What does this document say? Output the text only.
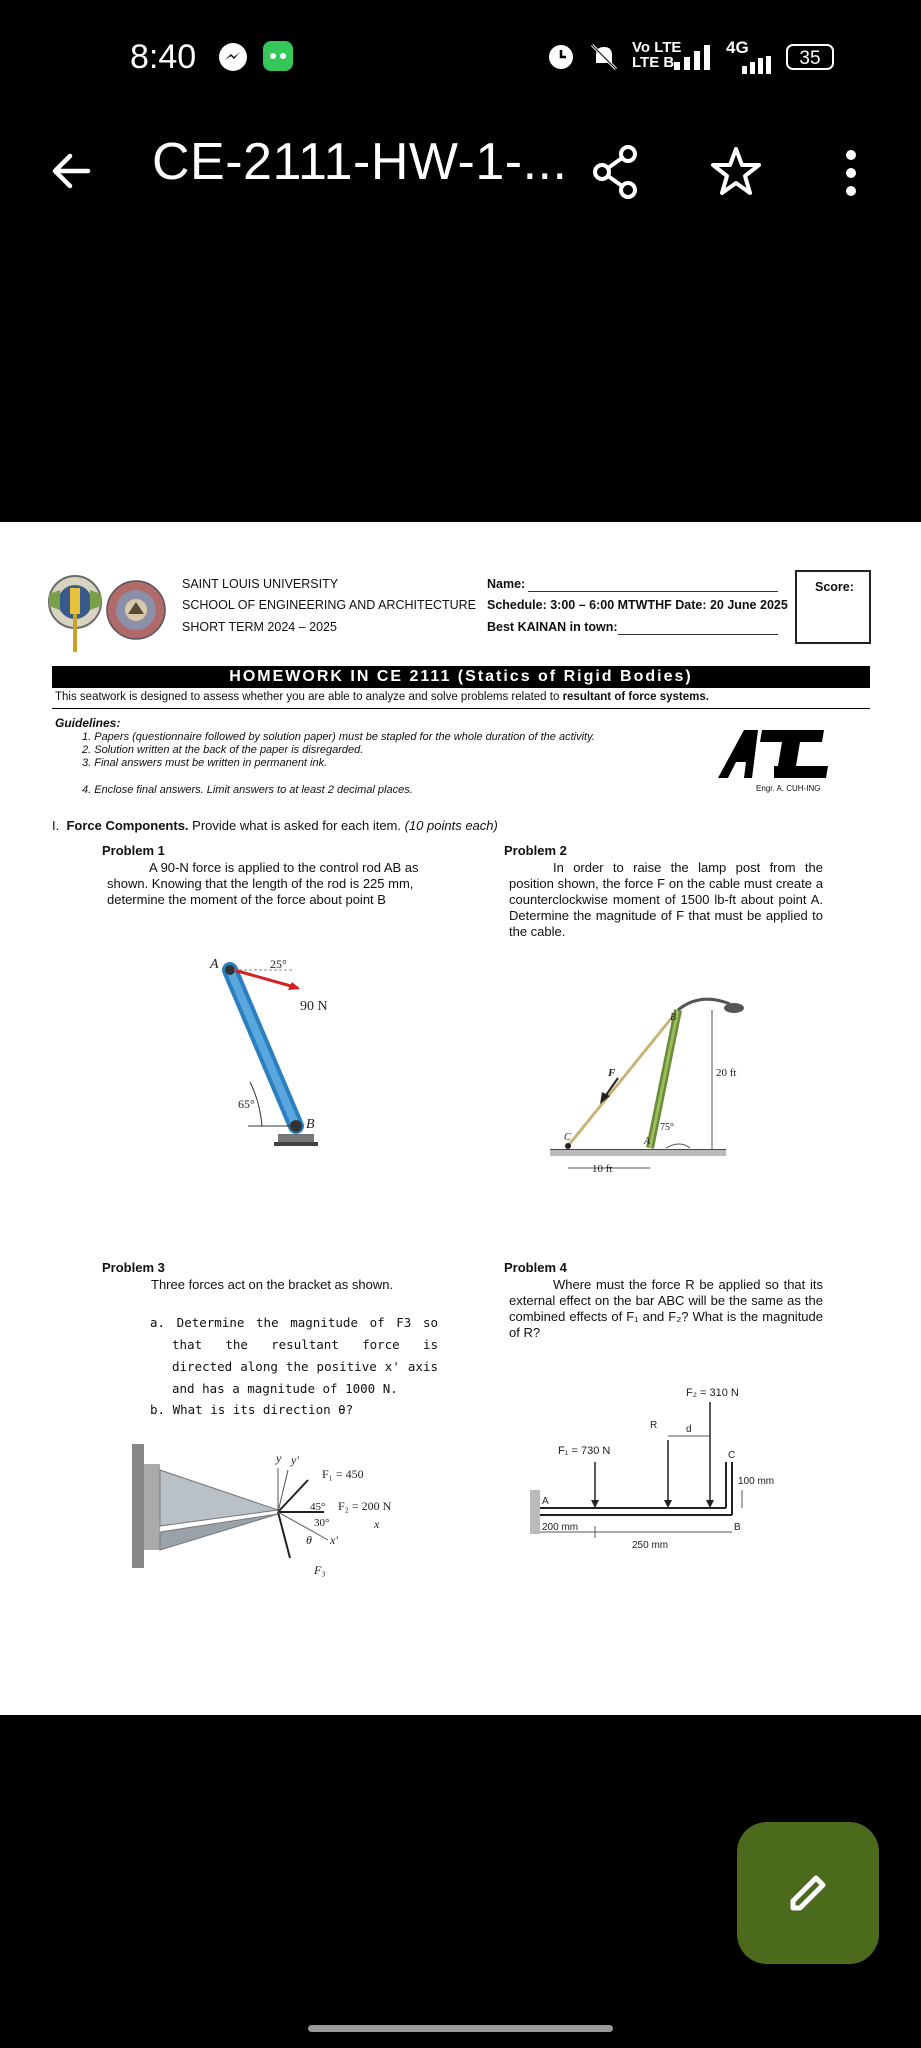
8:40	Vo LTE
LTE B
4G
35
CE-2111-HW-1-...
SAINT LOUIS UNIVERSITY
SCHOOL OF ENGINEERING AND ARCHITECTURE
SHORT TERM 2024 – 2025
Name:
Schedule: 3:00 – 6:00 MTWTHF Date: 20 June 2025
Best KAINAN in town:
Score:
HOMEWORK IN CE 2111 (Statics of Rigid Bodies)
This seatwork is designed to assess whether you are able to analyze and solve problems related to resultant of force systems.
Guidelines:
1. Papers (questionnaire followed by solution paper) must be stapled for the whole duration of the activity.
2. Solution written at the back of the paper is disregarded.
3. Final answers must be written in permanent ink.
4. Enclose final answers. Limit answers to at least 2 decimal places.	Engr. A. CUH-ING
I. Force Components. Provide what is asked for each item. (10 points each)
Problem 1
A 90-N force is applied to the control rod AB as shown. Knowing that the length of the rod is 225 mm, determine the moment of the force about point B
A	25°
90 N
65°
B
Problem 2
In order to raise the lamp post from the position shown, the force F on the cable must create a counterclockwise moment of 1500 lb-ft about point A. Determine the magnitude of F that must be applied to the cable.
B
F	20 ft
C
75°
A
10 ft
Problem 3
Three forces act on the bracket as shown.
a. Determine the magnitude of F3 so that the resultant force is directed along the positive x' axis and has a magnitude of 1000 N.
b. What is its direction θ?
y y'
F₁ = 450
45° F₂ = 200 N
x
30°
θ x'
F₃
Problem 4
Where must the force R be applied so that its external effect on the bar ABC will be the same as the combined effects of F₁ and F₂? What is the magnitude of R?
F₂ = 310 N
R	d
F₁ = 730 N	C
100 mm
A
B
200 mm
250 mm
